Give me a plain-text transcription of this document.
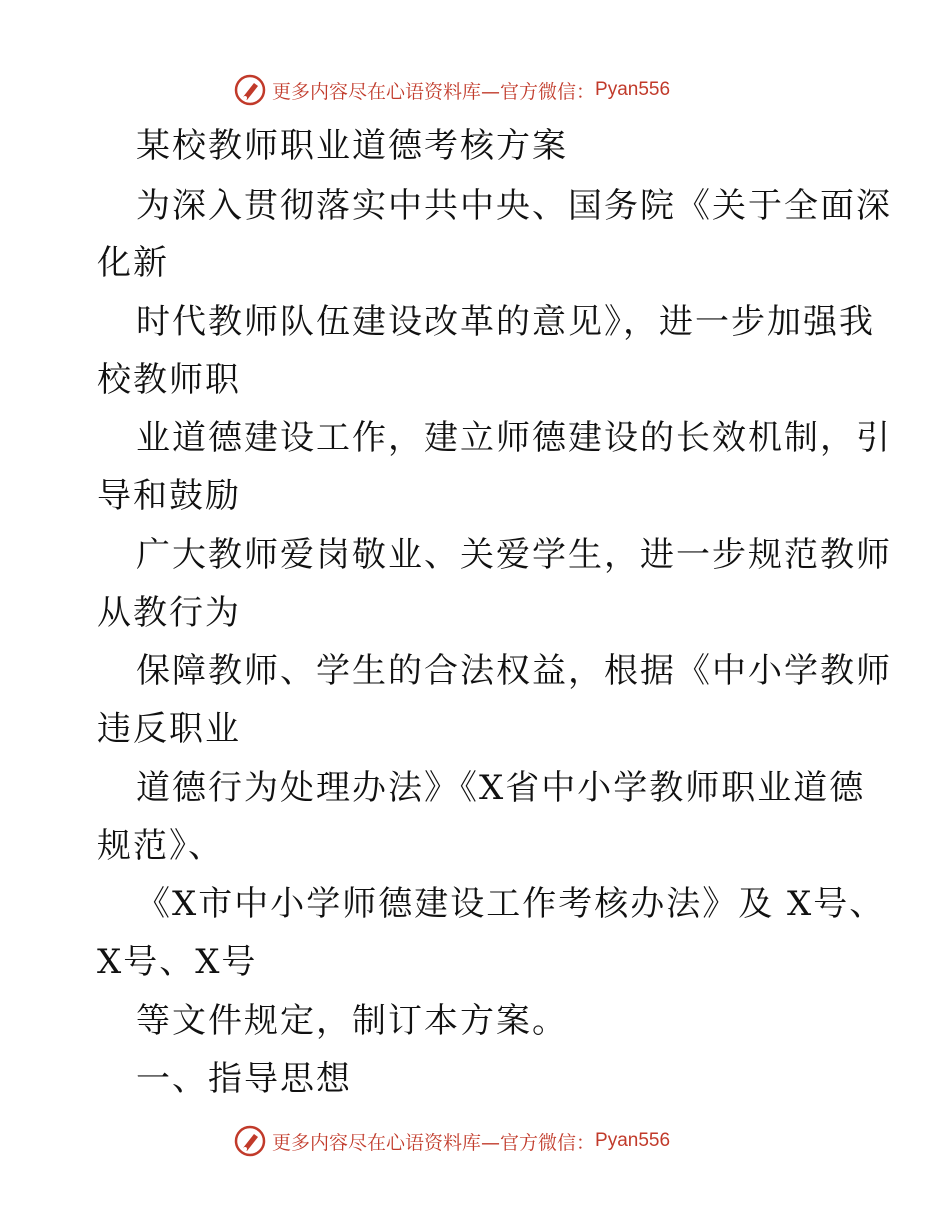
更多内容尽在心语资料库—官方微信： Pyan556
某校教师职业道德考核方案
为深入贯彻落实中共中央、国务院《关于全面深
化新
时代教师队伍建设改革的意见》，进一步加强我
校教师职
业道德建设工作，建立师德建设的长效机制，引
导和鼓励
广大教师爱岗敬业、关爱学生，进一步规范教师
从教行为
保障教师、学生的合法权益，根据《中小学教师
违反职业
道德行为处理办法》《X省中小学教师职业道德
规范》、
《X市中小学师德建设工作考核办法》及 X号、
X号、X号
等文件规定，制订本方案。
一、指导思想
更多内容尽在心语资料库—官方微信： Pyan556
